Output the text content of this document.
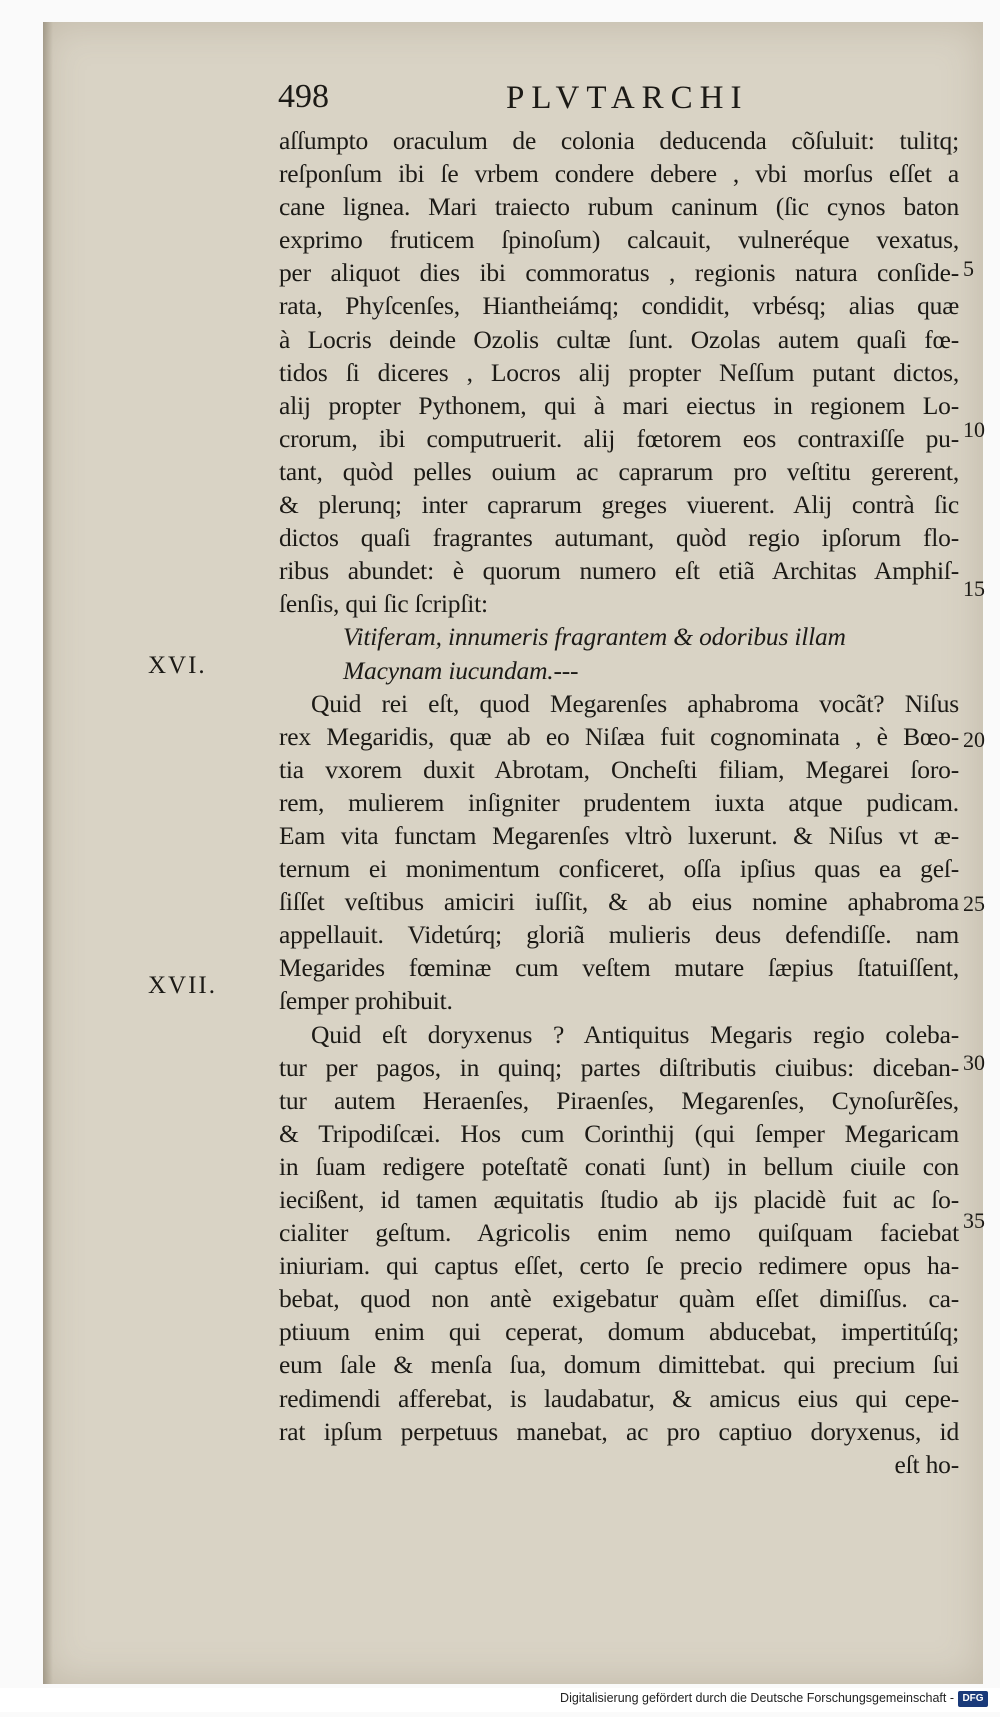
498	PLVTARCHI
aſſumpto oraculum de colonia deducenda cõſuluit: tulitq;
reſponſum ibi ſe vrbem condere debere , vbi morſus eſſet a
cane lignea. Mari traiecto rubum caninum (ſic cynos baton
exprimo fruticem ſpinoſum) calcauit, vulneréque vexatus,
per aliquot dies ibi commoratus , regionis natura conſide-
rata, Phyſcenſes, Hiantheiámq; condidit, vrbésq; alias quæ
à Locris deinde Ozolis cultæ ſunt. Ozolas autem quaſi fœ-
tidos ſi diceres , Locros alij propter Neſſum putant dictos,
alij propter Pythonem, qui à mari eiectus in regionem Lo-
crorum, ibi computruerit. alij fœtorem eos contraxiſſe pu-
tant, quòd pelles ouium ac caprarum pro veſtitu gererent,
& plerunq; inter caprarum greges viuerent. Alij contrà ſic
dictos quaſi fragrantes autumant, quòd regio ipſorum flo-
ribus abundet: è quorum numero eſt etiã Architas Amphiſ-
ſenſis, qui ſic ſcripſit:
Vitiferam, innumeris fragrantem & odoribus illam
Macynam iucundam.---
Quid rei eſt, quod Megarenſes aphabroma vocãt? Niſus
rex Megaridis, quæ ab eo Niſæa fuit cognominata , è Bœo-
tia vxorem duxit Abrotam, Oncheſti filiam, Megarei ſoro-
rem, mulierem inſigniter prudentem iuxta atque pudicam.
Eam vita functam Megarenſes vltrò luxerunt. & Niſus vt æ-
ternum ei monimentum conficeret, oſſa ipſius quas ea geſ-
ſiſſet veſtibus amiciri iuſſit, & ab eius nomine aphabroma
appellauit. Videtúrq; gloriã mulieris deus defendiſſe. nam
Megarides fœminæ cum veſtem mutare ſæpius ſtatuiſſent,
ſemper prohibuit.
Quid eſt doryxenus ? Antiquitus Megaris regio coleba-
tur per pagos, in quinq; partes diſtributis ciuibus: diceban-
tur autem Heraenſes, Piraenſes, Megarenſes, Cynoſurẽſes,
& Tripodiſcæi. Hos cum Corinthij (qui ſemper Megaricam
in ſuam redigere poteſtatẽ conati ſunt) in bellum ciuile con
iecißent, id tamen æquitatis ſtudio ab ijs placidè fuit ac ſo-
cialiter geſtum. Agricolis enim nemo quiſquam faciebat
iniuriam. qui captus eſſet, certo ſe precio redimere opus ha-
bebat, quod non antè exigebatur quàm eſſet dimiſſus. ca-
ptiuum enim qui ceperat, domum abducebat, impertitúſq;
eum ſale & menſa ſua, domum dimittebat. qui precium ſui
redimendi afferebat, is laudabatur, & amicus eius qui cepe-
rat ipſum perpetuus manebat, ac pro captiuo doryxenus, id
eſt ho-
XVI.
XVII.
5
10
15
20
25
30
35
Digitalisierung gefördert durch die Deutsche Forschungsgemeinschaft - DFG
